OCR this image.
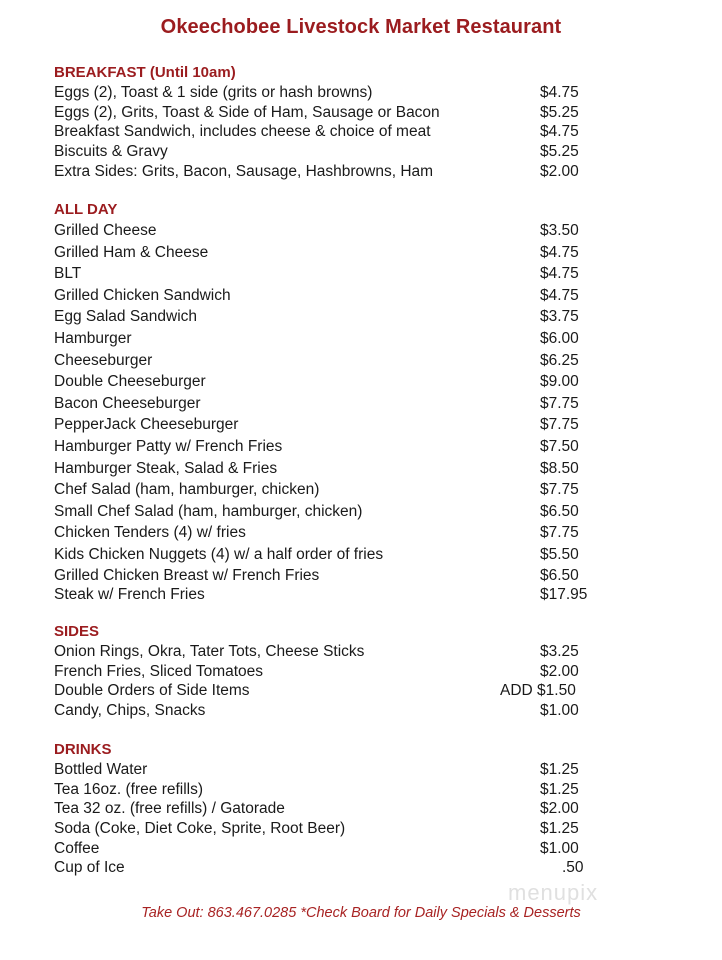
Okeechobee Livestock Market Restaurant
BREAKFAST (Until 10am)
Eggs (2), Toast & 1 side (grits or hash browns)	$4.75
Eggs (2), Grits, Toast & Side of Ham, Sausage or Bacon	$5.25
Breakfast Sandwich, includes cheese & choice of meat	$4.75
Biscuits & Gravy	$5.25
Extra Sides: Grits, Bacon, Sausage, Hashbrowns, Ham	$2.00
ALL DAY
Grilled Cheese	$3.50
Grilled Ham & Cheese	$4.75
BLT	$4.75
Grilled Chicken Sandwich	$4.75
Egg Salad Sandwich	$3.75
Hamburger	$6.00
Cheeseburger	$6.25
Double Cheeseburger	$9.00
Bacon Cheeseburger	$7.75
PepperJack Cheeseburger	$7.75
Hamburger Patty w/ French Fries	$7.50
Hamburger Steak, Salad & Fries	$8.50
Chef Salad (ham, hamburger, chicken)	$7.75
Small Chef Salad (ham, hamburger, chicken)	$6.50
Chicken Tenders (4) w/ fries	$7.75
Kids Chicken Nuggets (4) w/ a half order of fries	$5.50
Grilled Chicken Breast w/ French Fries	$6.50
Steak w/ French Fries	$17.95
SIDES
Onion Rings, Okra, Tater Tots, Cheese Sticks	$3.25
French Fries, Sliced Tomatoes	$2.00
Double Orders of Side Items	ADD $1.50
Candy, Chips, Snacks	$1.00
DRINKS
Bottled Water	$1.25
Tea 16oz. (free refills)	$1.25
Tea 32 oz. (free refills) / Gatorade	$2.00
Soda (Coke, Diet Coke, Sprite, Root Beer)	$1.25
Coffee	$1.00
Cup of Ice	.50
menupix
Take Out: 863.467.0285 *Check Board for Daily Specials & Desserts
